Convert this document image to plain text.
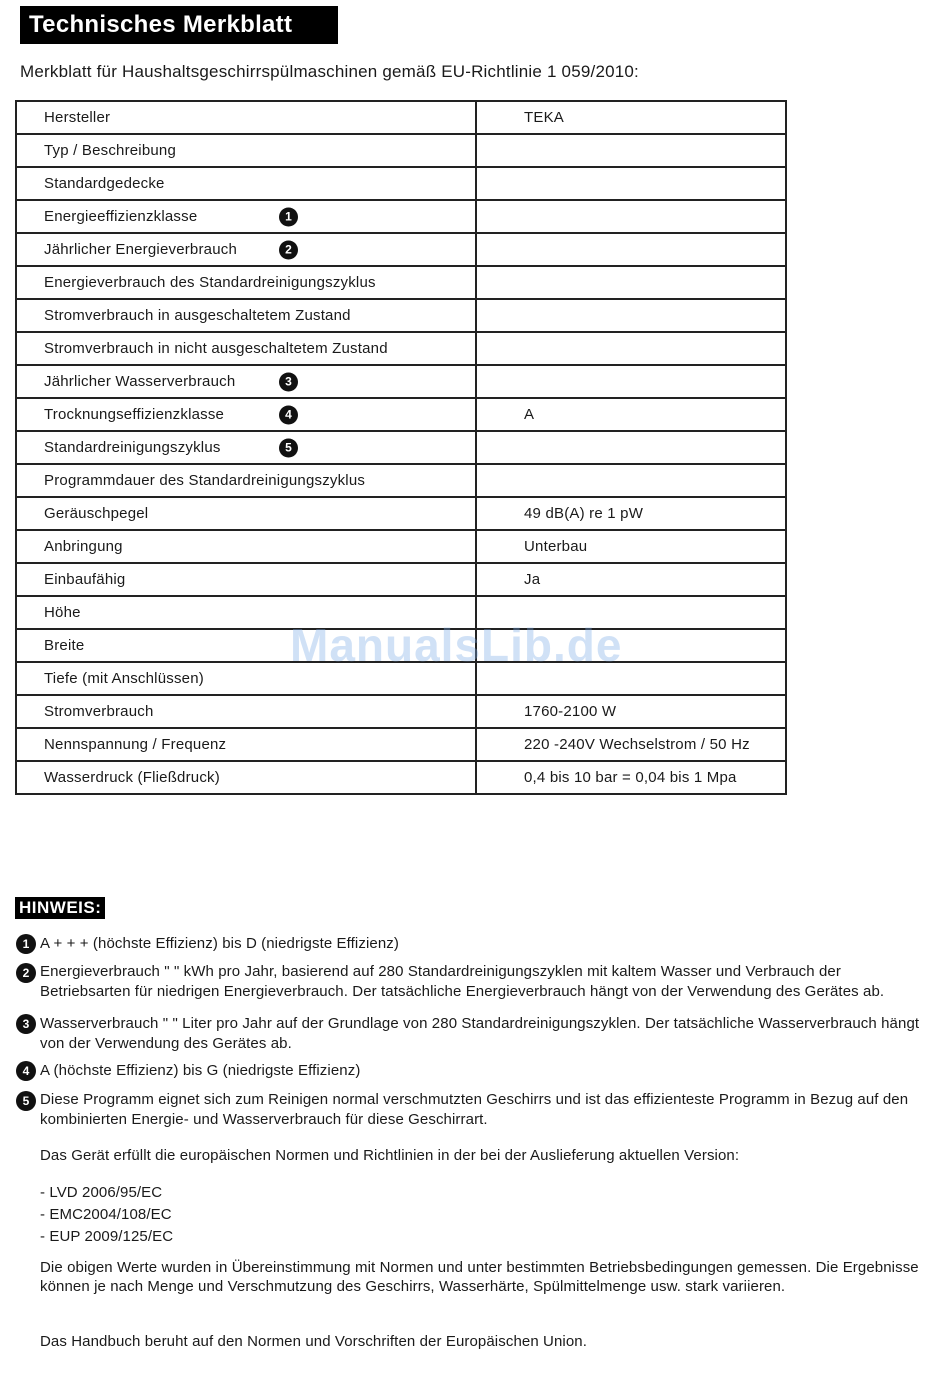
Technisches Merkblatt
Merkblatt für Haushaltsgeschirrspülmaschinen gemäß EU-Richtlinie 1 059/2010:
Hersteller	TEKA
Typ / Beschreibung	
Standardgedecke	
Energieeffizienzklasse 1	

Jährlicher Energieverbrauch 2	

Energieverbrauch des Standardreinigungszyklus	
Stromverbrauch in ausgeschaltetem Zustand	
Stromverbrauch in nicht ausgeschaltetem Zustand	
Jährlicher Wasserverbrauch 3	

Trocknungseffizienzklasse 4	A
Standardreinigungszyklus 5	

Programmdauer des Standardreinigungszyklus	
Geräuschpegel	49 dB(A) re 1 pW
Anbringung	Unterbau
Einbaufähig	Ja
Höhe	
Breite	
Tiefe (mit Anschlüssen)	
Stromverbrauch	1760-2100 W
Nennspannung / Frequenz	220 -240V Wechselstrom / 50 Hz
Wasserdruck (Fließdruck)	0,4 bis 10 bar = 0,04 bis 1 Mpa
ManualsLib.de
HINWEIS:
1 A + + + (höchste Effizienz) bis D (niedrigste Effizienz)
2 Energieverbrauch " " kWh pro Jahr, basierend auf 280 Standardreinigungszyklen mit kaltem Wasser und Verbrauch der Betriebsarten für niedrigen Energieverbrauch. Der tatsächliche Energieverbrauch hängt von der Verwendung des Gerätes ab.
3 Wasserverbrauch " " Liter pro Jahr auf der Grundlage von 280 Standardreinigungszyklen. Der tatsächliche Wasserverbrauch hängt von der Verwendung des Gerätes ab.
4 A (höchste Effizienz) bis G (niedrigste Effizienz)
5 Diese Programm eignet sich zum Reinigen normal verschmutzten Geschirrs und ist das effizienteste Programm in Bezug auf den kombinierten Energie- und Wasserverbrauch für diese Geschirrart.
Das Gerät erfüllt die europäischen Normen und Richtlinien in der bei der Auslieferung aktuellen Version:
- LVD 2006/95/EC
- EMC2004/108/EC
- EUP 2009/125/EC
Die obigen Werte wurden in Übereinstimmung mit Normen und unter bestimmten Betriebsbedingungen gemessen. Die Ergebnisse können je nach Menge und Verschmutzung des Geschirrs, Wasserhärte, Spülmittelmenge usw. stark variieren.
Das Handbuch beruht auf den Normen und Vorschriften der Europäischen Union.
